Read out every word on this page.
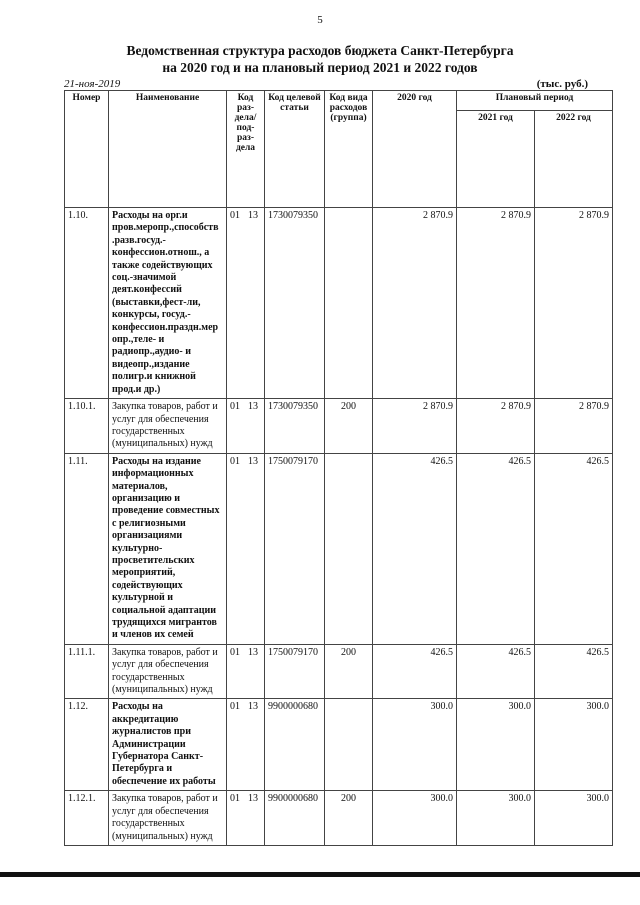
5
Ведомственная структура расходов бюджета Санкт-Петербурга
на 2020 год и на плановый период 2021 и 2022 годов
21-ноя-2019	(тыс. руб.)
Номер	Наименование	Код раз- дела/ под- раз- дела	Код целевой статьи	Код вида расходов (группа)	2020 год	Плановый период	
						2021 год	2022 год
1.10.	Расходы на орг.и пров.меропр.,способств .разв.госуд.- конфессион.отнош., а также содействующих соц.-значимой деят.конфессий (выставки,фест-ли, конкурсы, госуд.- конфессион.праздн.мер опр.,теле- и радиопр.,аудио- и видеопр.,издание полигр.и книжной прод.и др.)	01 13	1730079350		2 870.9	2 870.9	2 870.9
1.10.1.	Закупка товаров, работ и услуг для обеспечения государственных (муниципальных) нужд	01 13	1730079350	200	2 870.9	2 870.9	2 870.9
1.11.	Расходы на издание информационных материалов, организацию и проведение совместных с религиозными организациями культурно- просветительских мероприятий, содействующих культурной и социальной адаптации трудящихся мигрантов и членов их семей	01 13	1750079170		426.5	426.5	426.5
1.11.1.	Закупка товаров, работ и услуг для обеспечения государственных (муниципальных) нужд	01 13	1750079170	200	426.5	426.5	426.5
1.12.	Расходы на аккредитацию журналистов при Администрации Губернатора Санкт- Петербурга и обеспечение их работы	01 13	9900000680		300.0	300.0	300.0
1.12.1.	Закупка товаров, работ и услуг для обеспечения государственных (муниципальных) нужд	01 13	9900000680	200	300.0	300.0	300.0
